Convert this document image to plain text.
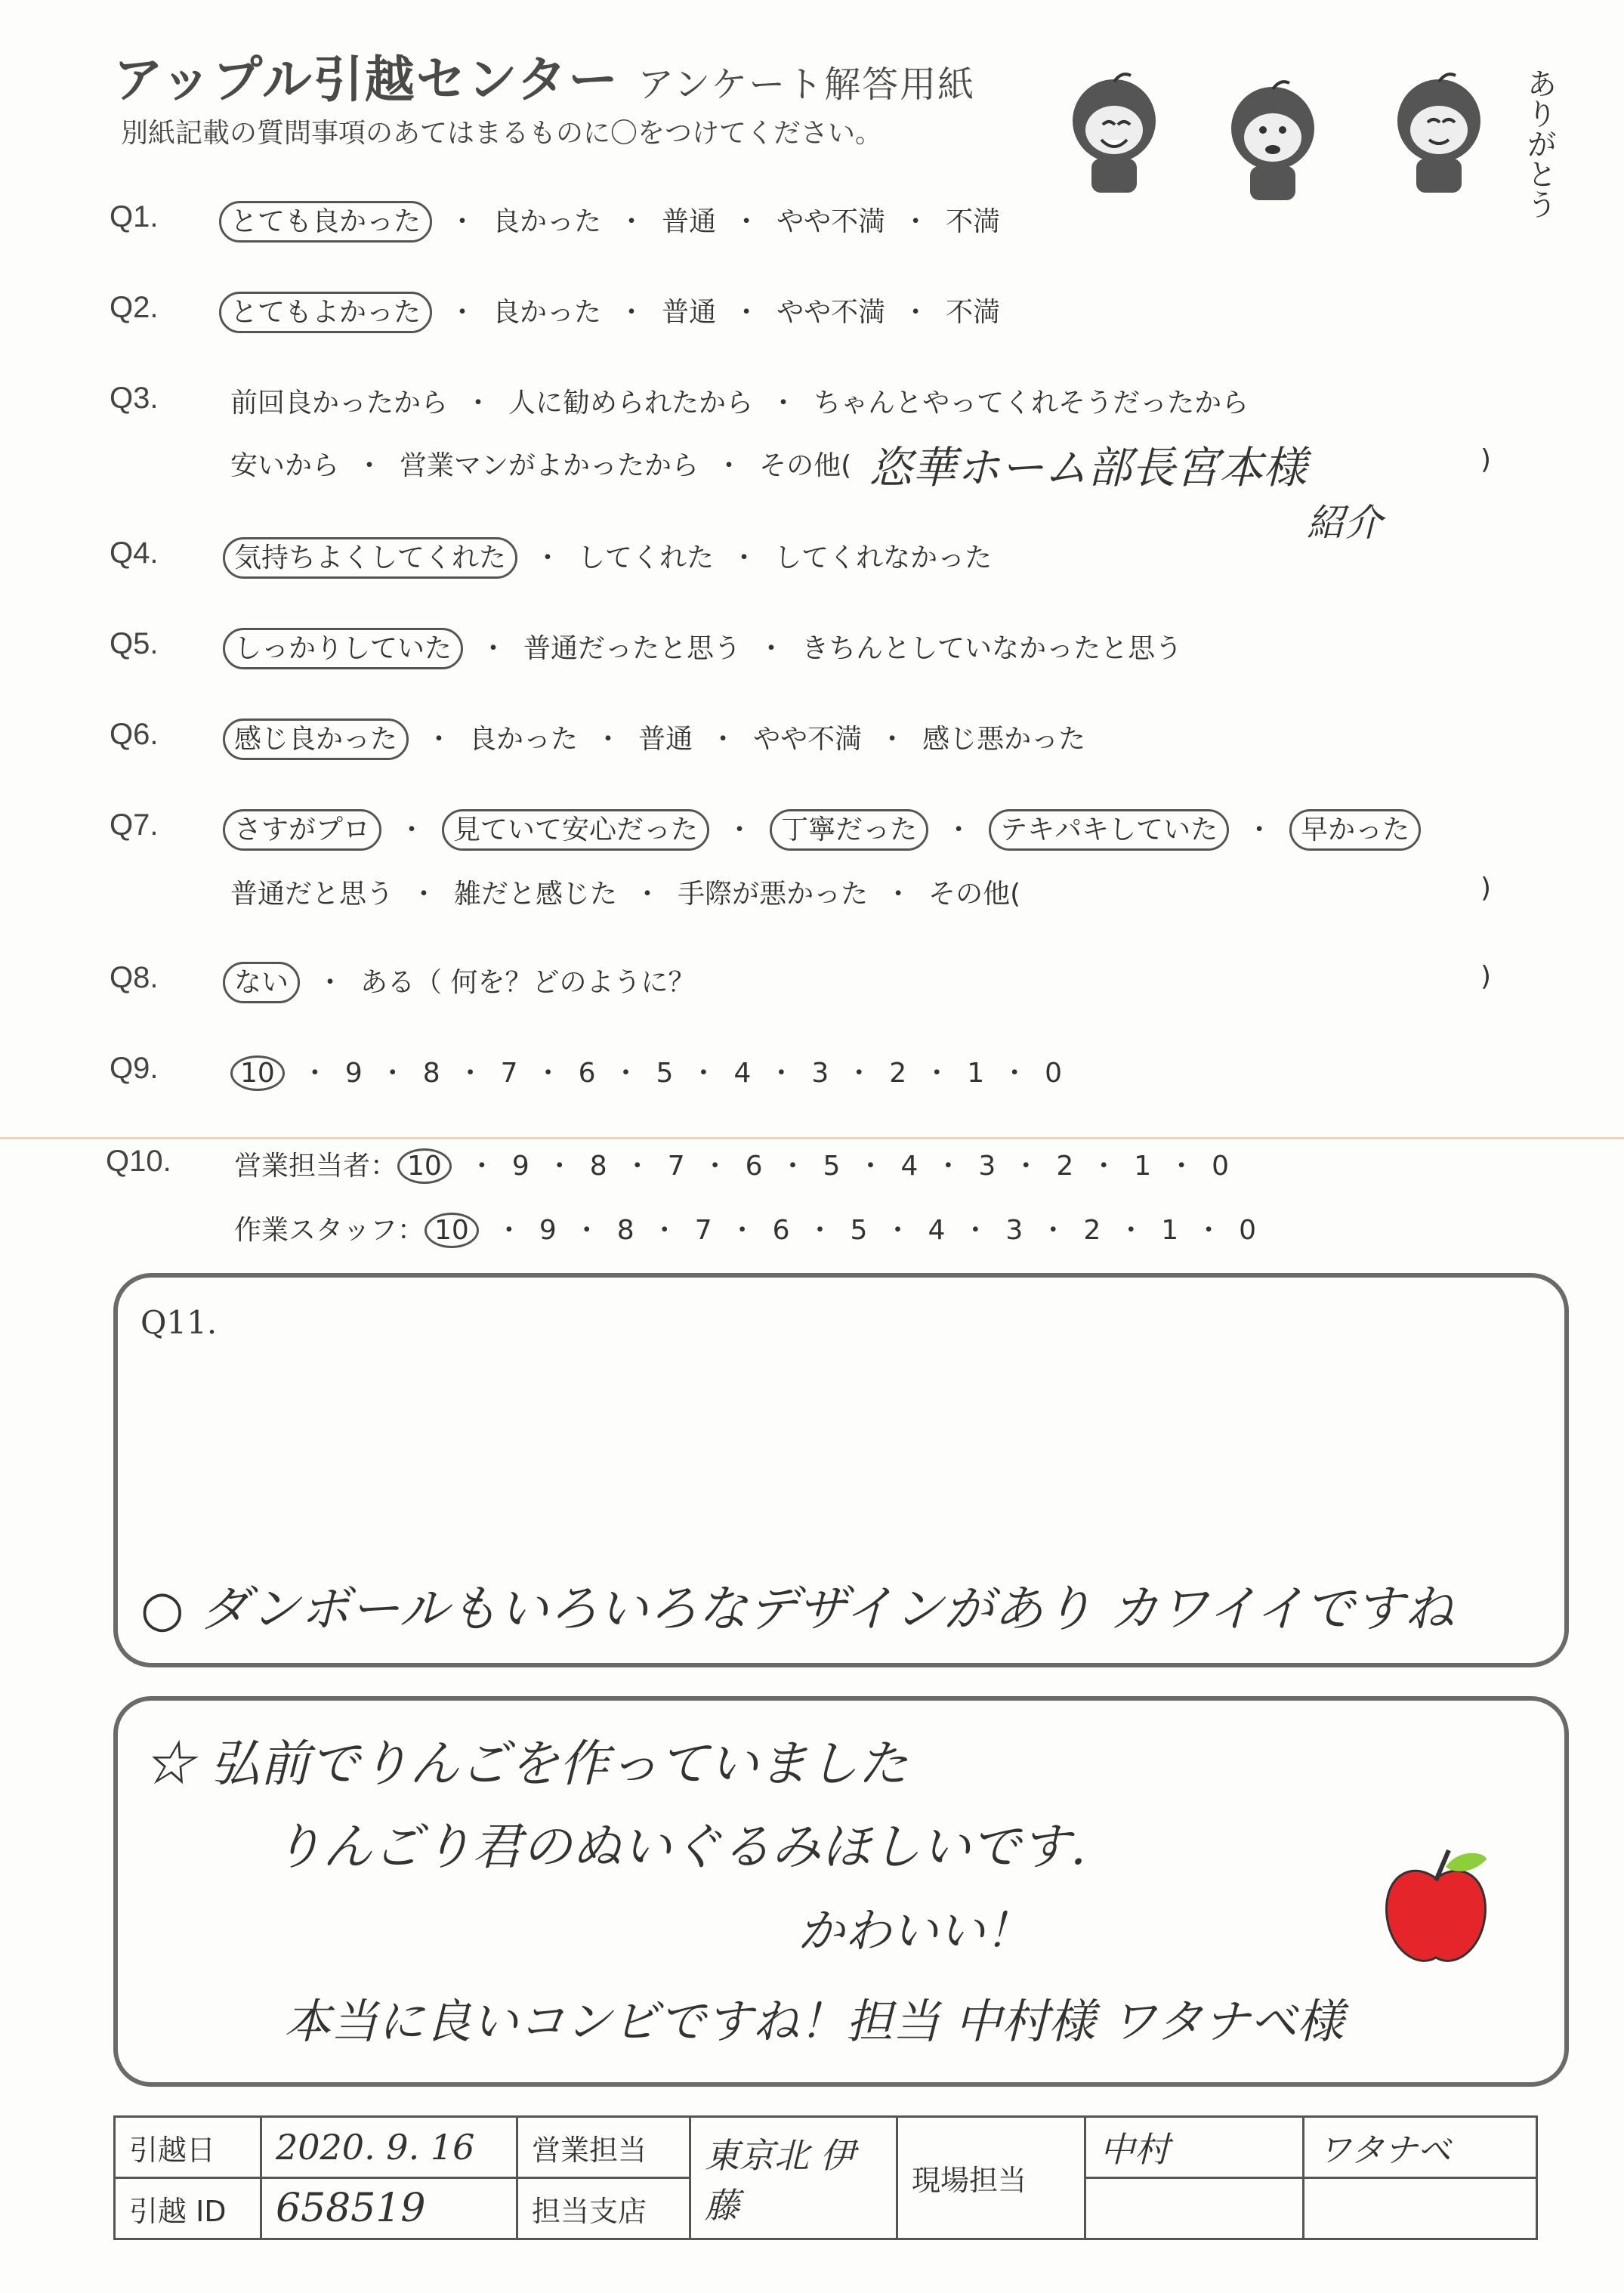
アップル引越センター アンケート解答用紙
別紙記載の質問事項のあてはまるものに〇をつけてください。	ありがとう
Q1.	とても良かった ・ 良かった ・ 普通 ・ やや不満 ・ 不満
Q2.	とてもよかった ・ 良かった ・ 普通 ・ やや不満 ・ 不満
Q3.	前回良かったから ・ 人に勧められたから ・ ちゃんとやってくれそうだったから
安いから ・ 営業マンがよかったから ・ その他( 恣華ホーム部長宮本様
紹介
)
Q4.	気持ちよくしてくれた ・ してくれた ・ してくれなかった
Q5.	しっかりしていた ・ 普通だったと思う ・ きちんとしていなかったと思う
Q6.	感じ良かった ・ 良かった ・ 普通 ・ やや不満 ・ 感じ悪かった
Q7.	さすがプロ ・ 見ていて安心だった ・ 丁寧だった ・ テキパキしていた ・ 早かった
普通だと思う ・ 雑だと感じた ・ 手際が悪かった ・ その他(	)
Q8.	ない ・ ある（ 何を？どのように？	)
Q9.	10 ・ 9 ・ 8 ・ 7 ・ 6 ・ 5 ・ 4 ・ 3 ・ 2 ・ 1 ・ 0
Q10. 営業担当者： 10 ・ 9 ・ 8 ・ 7 ・ 6 ・ 5 ・ 4 ・ 3 ・ 2 ・ 1 ・ 0
作業スタッフ： 10 ・ 9 ・ 8 ・ 7 ・ 6 ・ 5 ・ 4 ・ 3 ・ 2 ・ 1 ・ 0
Q11.
○ ダンボールもいろいろなデザインがあり カワイイですね
☆ 弘前でりんごを作っていました
りんごり君のぬいぐるみほしいです.
かわいい！
本当に良いコンビですね！担当 中村様 ワタナベ様
引越日	2020. 9. 16	営業担当	東京北 伊藤	現場担当	中村	ワタナベ
引越 ID	658519	担当支店				
